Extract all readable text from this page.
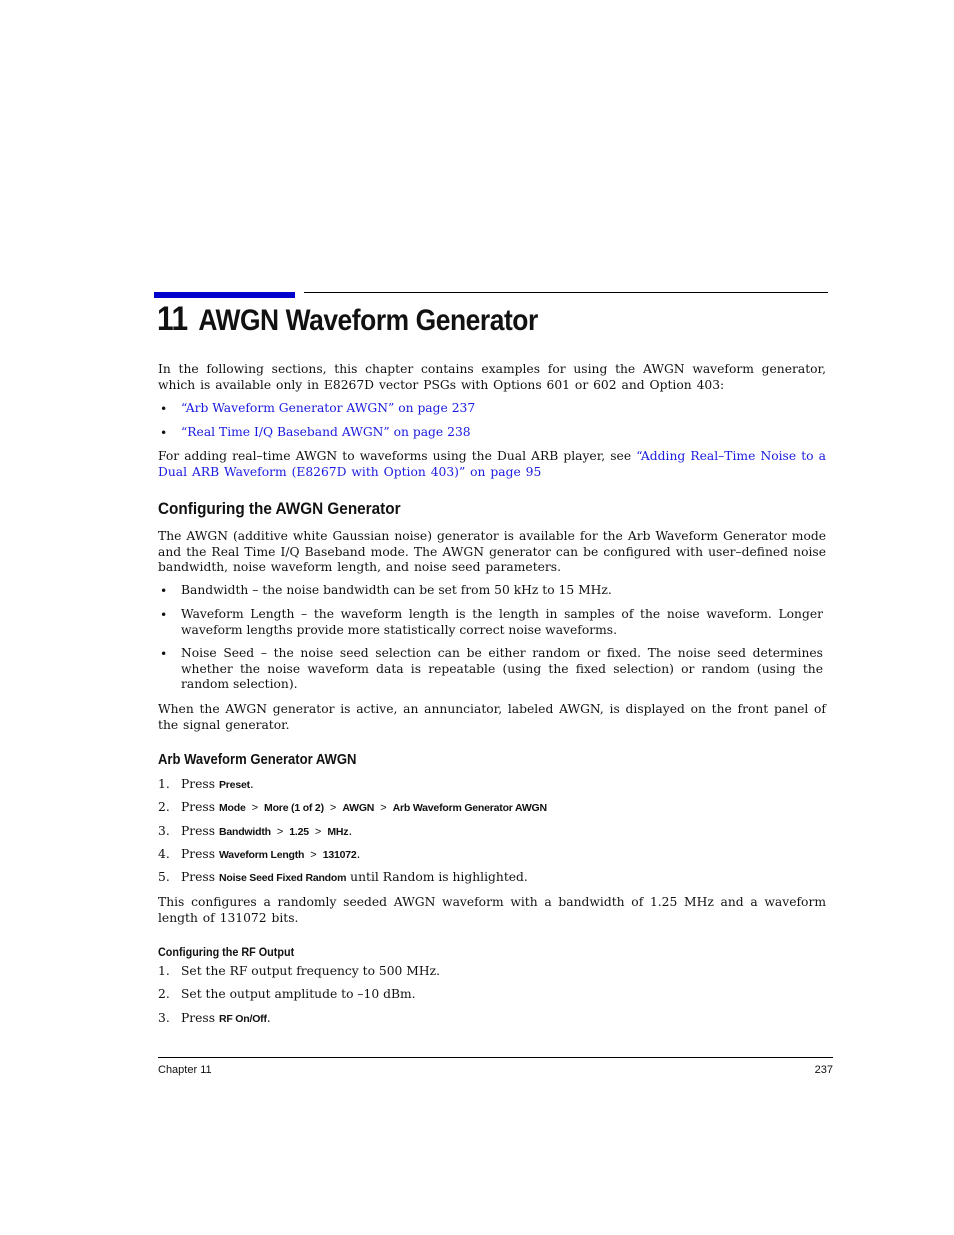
11 AWGN Waveform Generator

In the following sections, this chapter contains examples for using the AWGN waveform generator, which is available only in E8267D vector PSGs with Options 601 or 602 and Option 403:

• “Arb Waveform Generator AWGN” on page 237
• “Real Time I/Q Baseband AWGN” on page 238

For adding real–time AWGN to waveforms using the Dual ARB player, see “Adding Real–Time Noise to a Dual ARB Waveform (E8267D with Option 403)” on page 95

Configuring the AWGN Generator

The AWGN (additive white Gaussian noise) generator is available for the Arb Waveform Generator mode and the Real Time I/Q Baseband mode. The AWGN generator can be configured with user–defined noise bandwidth, noise waveform length, and noise seed parameters.

• Bandwidth – the noise bandwidth can be set from 50 kHz to 15 MHz.
• Waveform Length – the waveform length is the length in samples of the noise waveform. Longer waveform lengths provide more statistically correct noise waveforms.
• Noise Seed – the noise seed selection can be either random or fixed. The noise seed determines whether the noise waveform data is repeatable (using the fixed selection) or random (using the random selection).

When the AWGN generator is active, an annunciator, labeled AWGN, is displayed on the front panel of the signal generator.

Arb Waveform Generator AWGN
1. Press Preset.
2. Press Mode > More (1 of 2) > AWGN > Arb Waveform Generator AWGN
3. Press Bandwidth > 1.25 > MHz.
4. Press Waveform Length > 131072.
5. Press Noise Seed Fixed Random until Random is highlighted.

This configures a randomly seeded AWGN waveform with a bandwidth of 1.25 MHz and a waveform length of 131072 bits.

Configuring the RF Output
1. Set the RF output frequency to 500 MHz.
2. Set the output amplitude to –10 dBm.
3. Press RF On/Off.
Chapter 11	237
